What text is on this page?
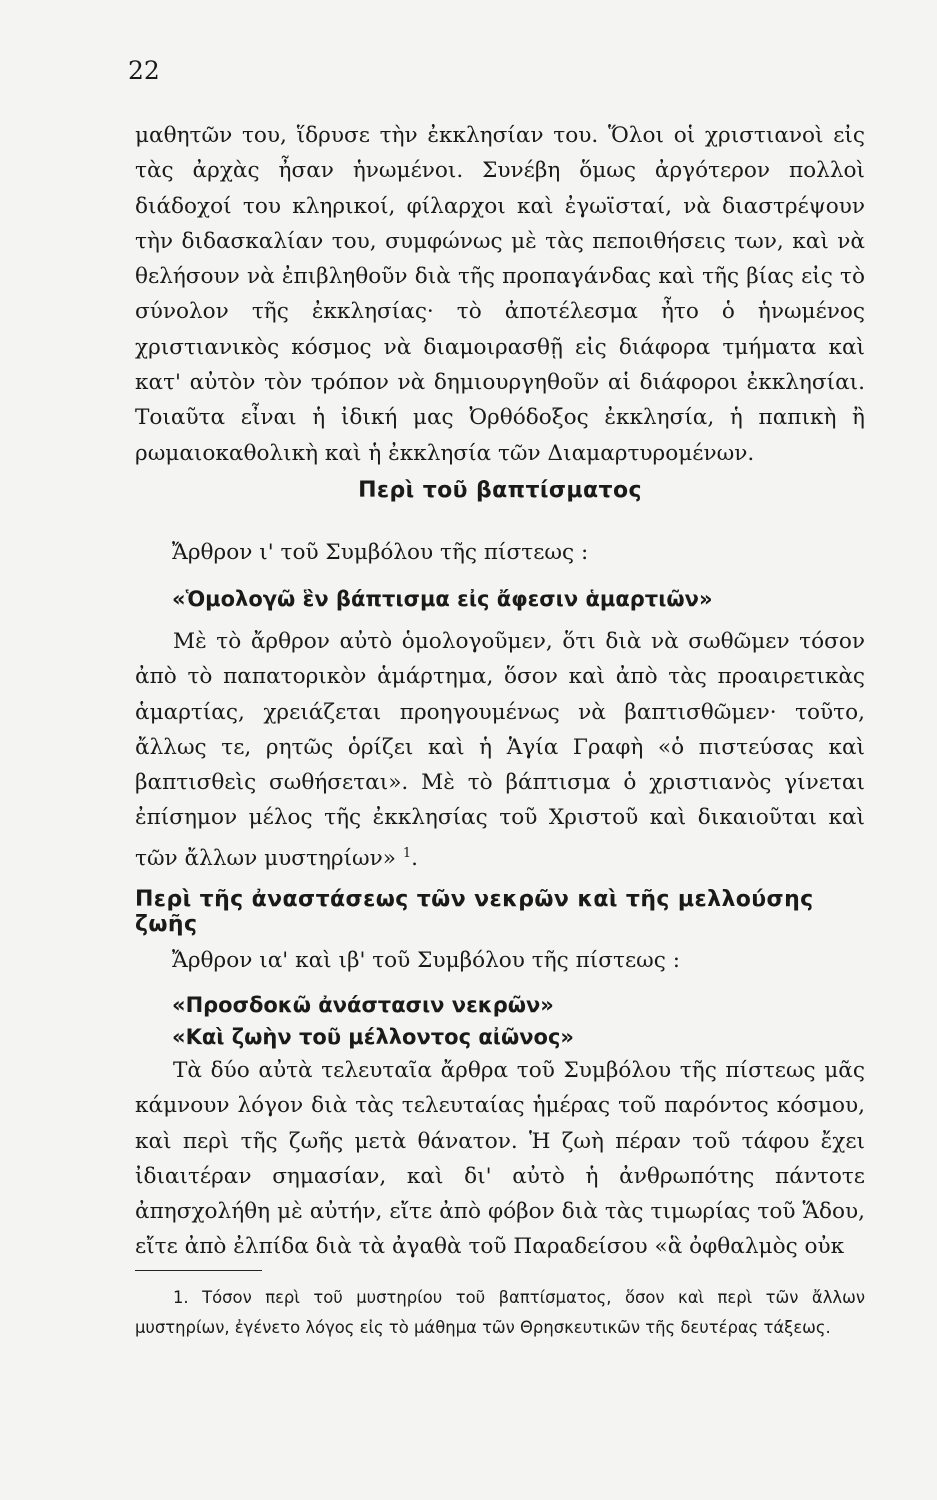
22

μαθητῶν του, ἵδρυσε τὴν ἐκκλησίαν του. Ὅλοι οἱ χριστιανοὶ εἰς τὰς ἀρχὰς ἦσαν ἡνωμένοι. Συνέβη ὅμως ἀργότερον πολλοὶ διάδοχοί του κληρικοί, φίλαρχοι καὶ ἐγωϊσταί, νὰ διαστρέψουν τὴν διδασκαλίαν του, συμφώνως μὲ τὰς πεποιθήσεις των, καὶ νὰ θελήσουν νὰ ἐπιβληθοῦν διὰ τῆς προπαγάνδας καὶ τῆς βίας εἰς τὸ σύνολον τῆς ἐκκλησίας· τὸ ἀποτέλεσμα ἦτο ὁ ἡνωμένος χριστιανικὸς κόσμος νὰ διαμοιρασθῇ εἰς διάφορα τμήματα καὶ κατ' αὐτὸν τὸν τρόπον νὰ δημιουργηθοῦν αἱ διάφοροι ἐκκλησίαι. Τοιαῦτα εἶναι ἡ ἰδική μας Ὀρθόδοξος ἐκκλησία, ἡ παπικὴ ἢ ρωμαιοκαθολικὴ καὶ ἡ ἐκκλησία τῶν Διαμαρτυρομένων.

Περὶ τοῦ βαπτίσματος

Ἄρθρον ι' τοῦ Συμβόλου τῆς πίστεως :

«Ὁμολογῶ ἓν βάπτισμα εἰς ἄφεσιν ἁμαρτιῶν»

Μὲ τὸ ἄρθρον αὐτὸ ὁμολογοῦμεν, ὅτι διὰ νὰ σωθῶμεν τόσον ἀπὸ τὸ παπατορικὸν ἁμάρτημα, ὅσον καὶ ἀπὸ τὰς προαιρετικὰς ἁμαρτίας, χρειάζεται προηγουμένως νὰ βαπτισθῶμεν· τοῦτο, ἄλλως τε, ρητῶς ὁρίζει καὶ ἡ Ἁγία Γραφὴ «ὁ πιστεύσας καὶ βαπτισθεὶς σωθήσεται». Μὲ τὸ βάπτισμα ὁ χριστιανὸς γίνεται ἐπίσημον μέλος τῆς ἐκκλησίας τοῦ Χριστοῦ καὶ δικαιοῦται καὶ τῶν ἄλλων μυστηρίων» $^1$.

Περὶ τῆς ἀναστάσεως τῶν νεκρῶν καὶ τῆς μελλούσης ζωῆς

Ἄρθρον ια' καὶ ιβ' τοῦ Συμβόλου τῆς πίστεως :

«Προσδοκῶ ἀνάστασιν νεκρῶν»

«Καὶ ζωὴν τοῦ μέλλοντος αἰῶνος»

Τὰ δύο αὐτὰ τελευταῖα ἄρθρα τοῦ Συμβόλου τῆς πίστεως μᾶς κάμνουν λόγον διὰ τὰς τελευταίας ἡμέρας τοῦ παρόντος κόσμου, καὶ περὶ τῆς ζωῆς μετὰ θάνατον. Ἡ ζωὴ πέραν τοῦ τάφου ἔχει ἰδιαιτέραν σημασίαν, καὶ δι' αὐτὸ ἡ ἀνθρωπότης πάντοτε ἀπησχολήθη μὲ αὐτήν, εἴτε ἀπὸ φόβον διὰ τὰς τιμωρίας τοῦ Ἅδου, εἴτε ἀπὸ ἐλπίδα διὰ τὰ ἀγαθὰ τοῦ Παραδείσου «ἃ ὀφθαλμὸς οὐκ

1. Τόσον περὶ τοῦ μυστηρίου τοῦ βαπτίσματος, ὅσον καὶ περὶ τῶν ἄλλων μυστηρίων, ἐγένετο λόγος εἰς τὸ μάθημα τῶν Θρησκευτικῶν τῆς δευτέρας τάξεως.
